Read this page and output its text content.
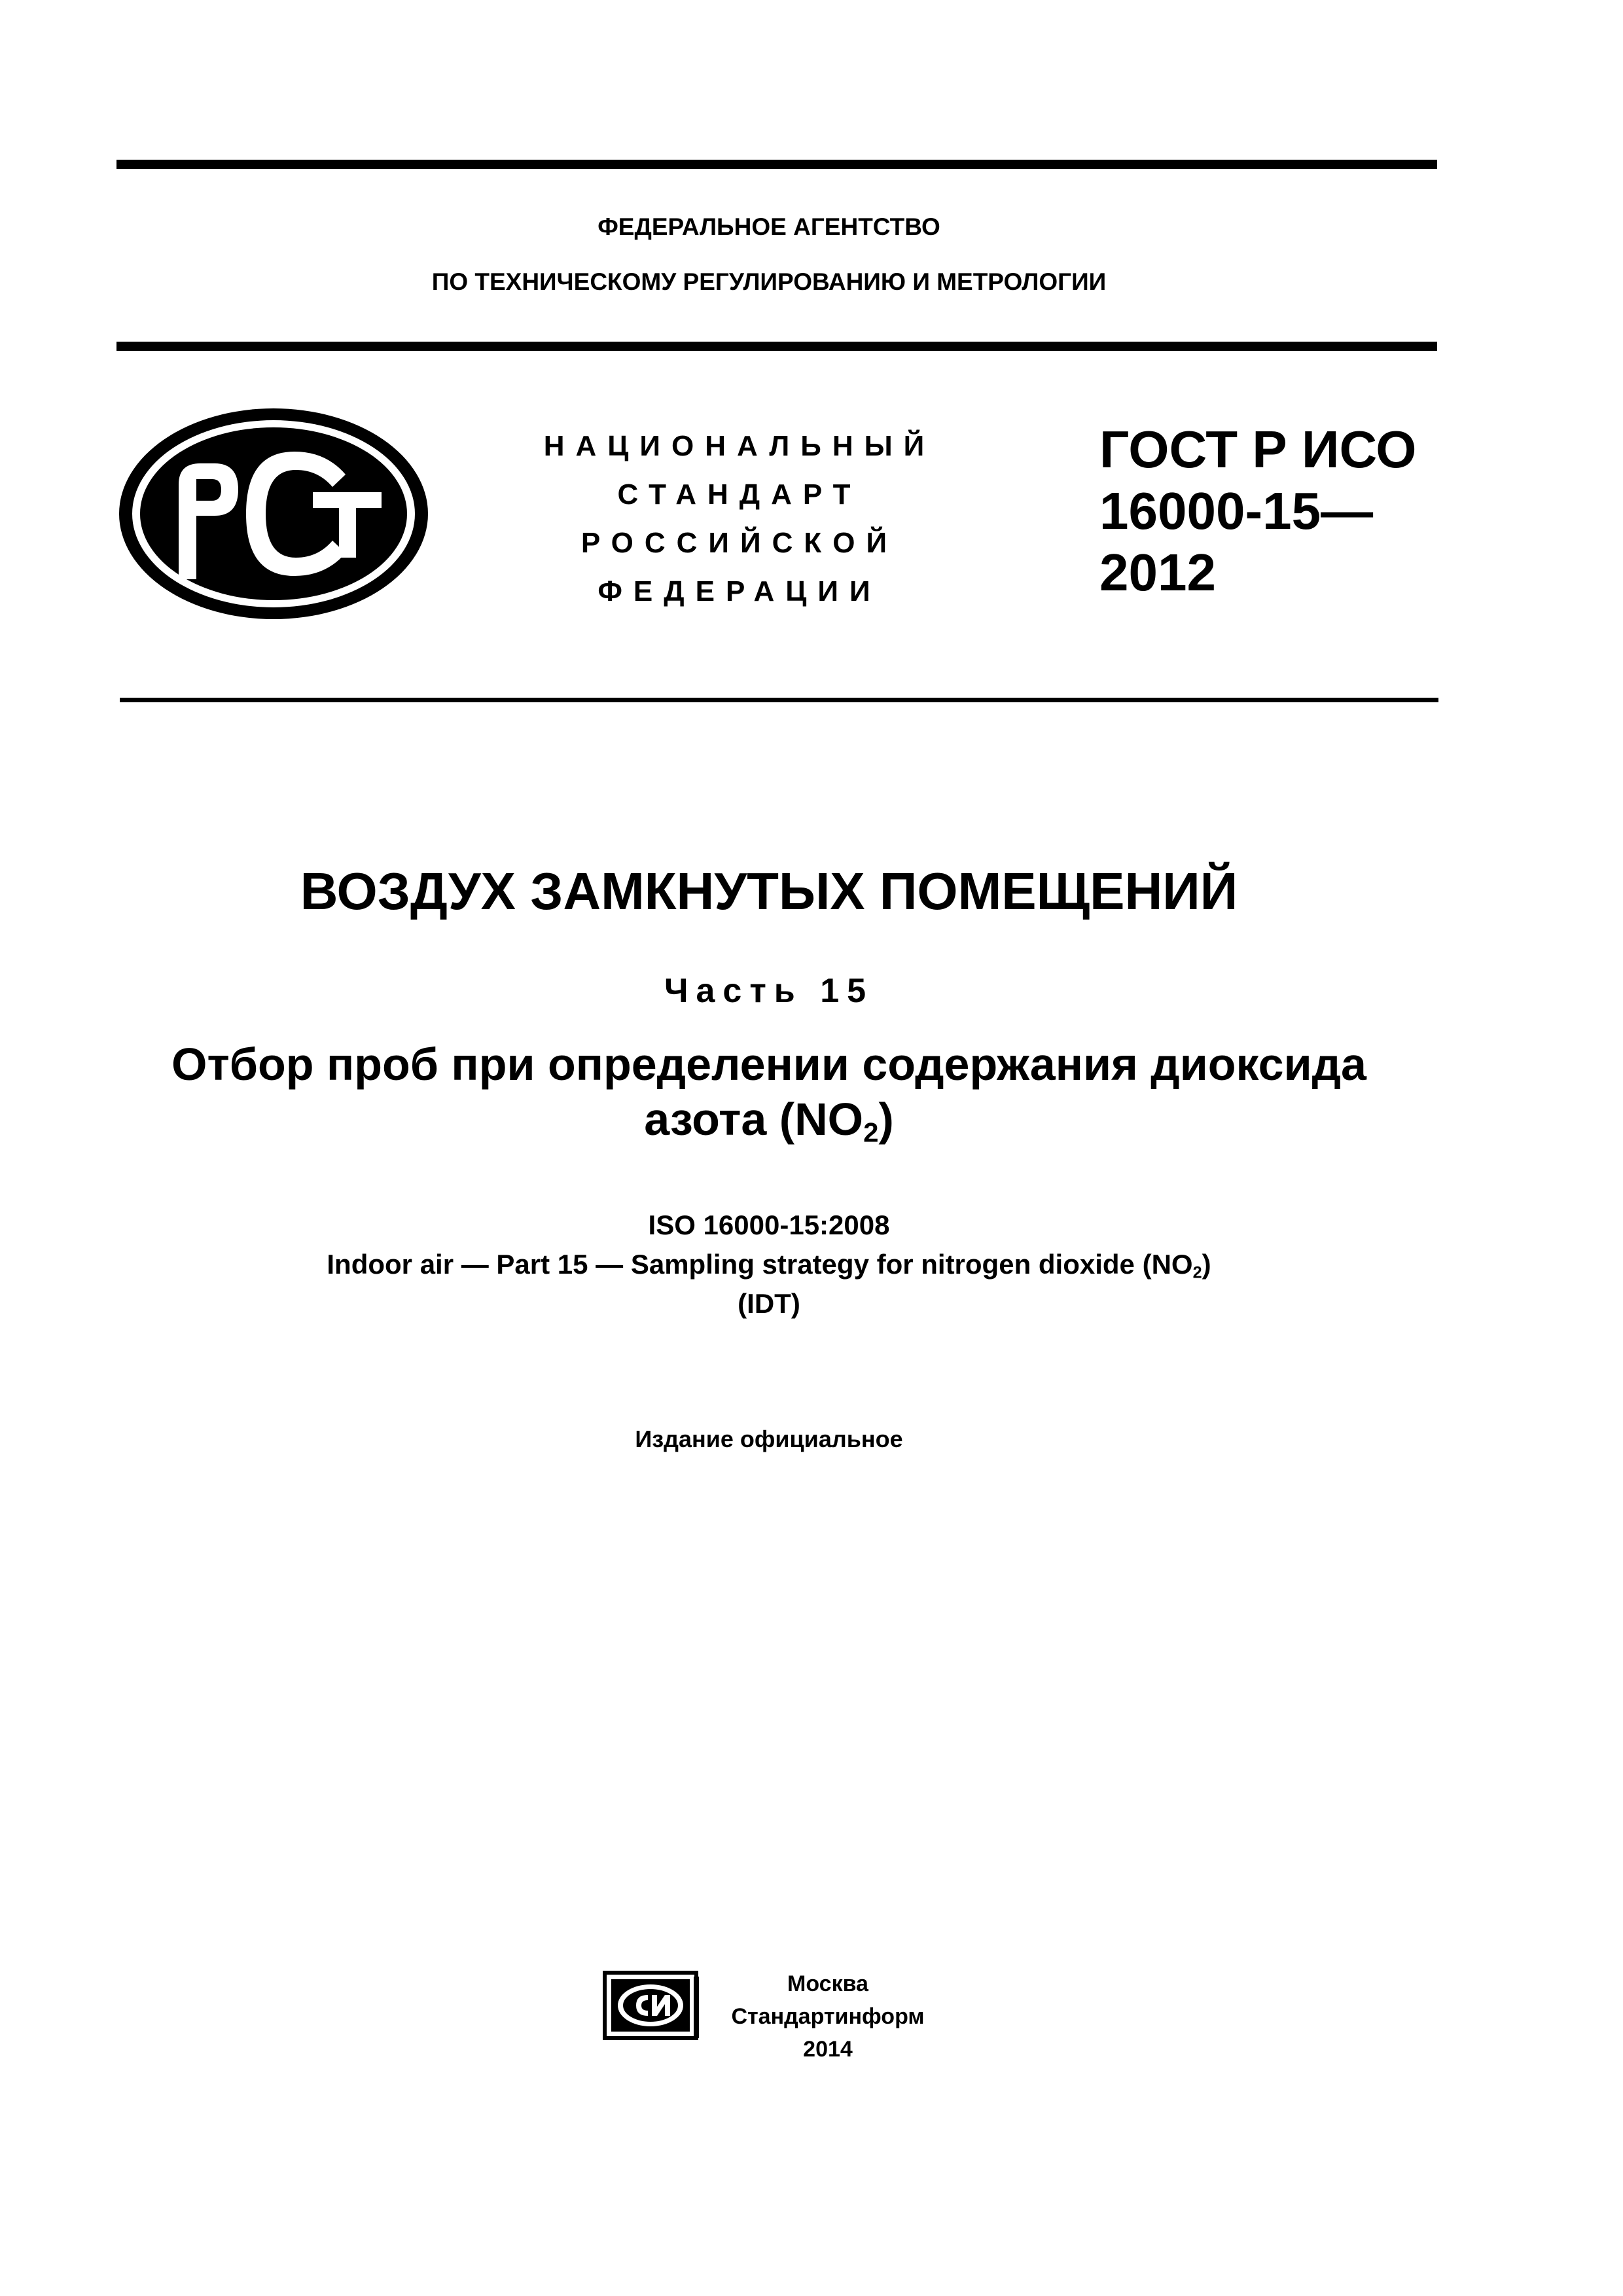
ФЕДЕРАЛЬНОЕ АГЕНТСТВО
ПО ТЕХНИЧЕСКОМУ РЕГУЛИРОВАНИЮ И МЕТРОЛОГИИ
НАЦИОНАЛЬНЫЙ
СТАНДАРТ
РОССИЙСКОЙ
ФЕДЕРАЦИИ
ГОСТ Р ИСО
16000-15—
2012
ВОЗДУХ ЗАМКНУТЫХ ПОМЕЩЕНИЙ
Часть 15
Отбор проб при определении содержания диоксида
азота $(NO_2)$
ISO 16000-15:2008
Indoor air — Part 15 — Sampling strategy for nitrogen dioxide $(NO_2)$
(IDT)
Издание официальное
Москва
Стандартинформ
2014
